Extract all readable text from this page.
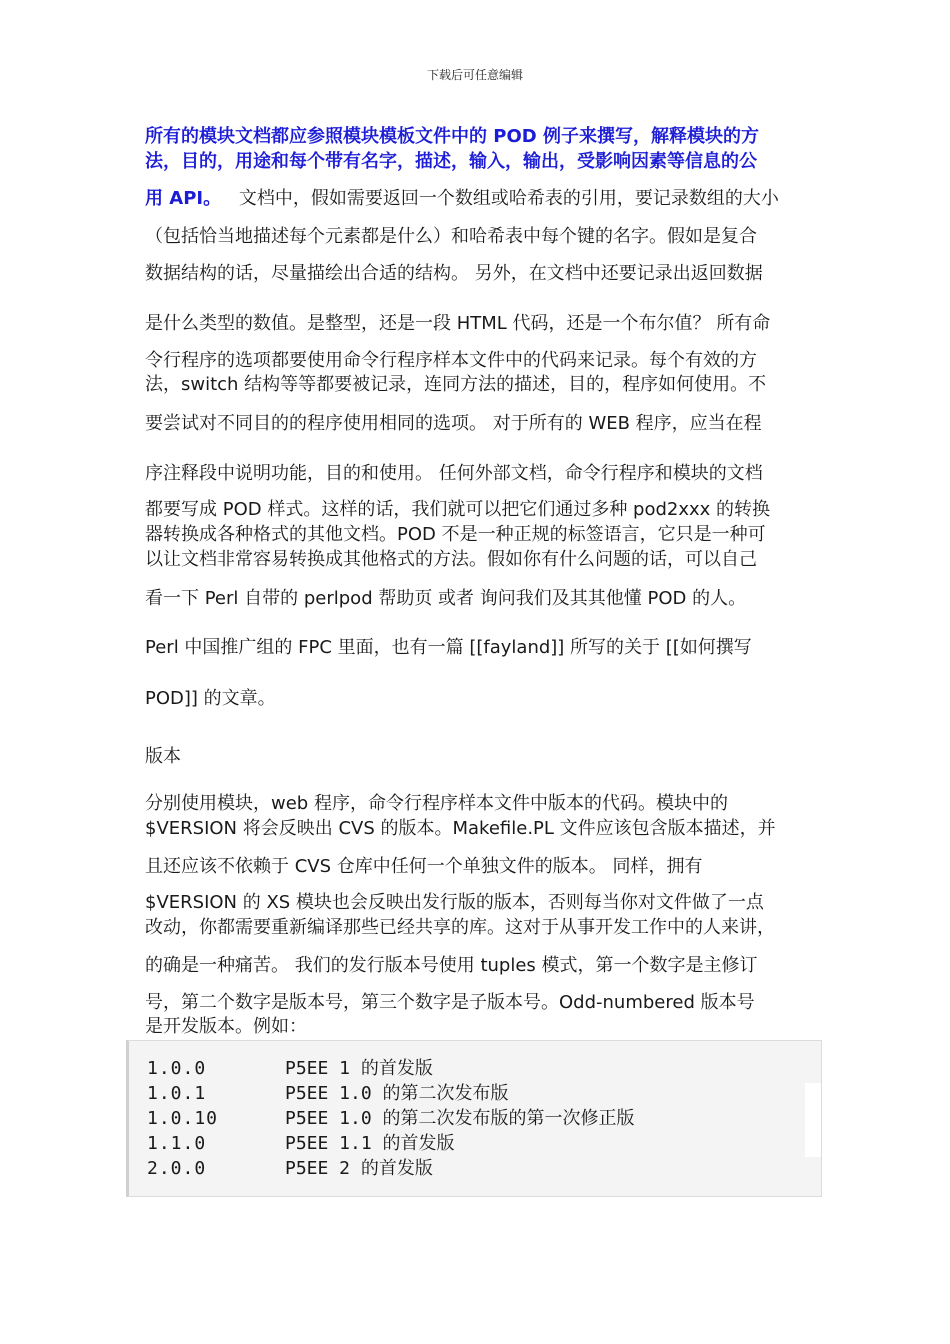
下载后可任意编辑
所有的模块文档都应参照模块模板文件中的 POD 例子来撰写，解释模块的方
法，目的，用途和每个带有名字，描述，输入，输出，受影响因素等信息的公
用 API。 文档中，假如需要返回一个数组或哈希表的引用，要记录数组的大小
（包括恰当地描述每个元素都是什么）和哈希表中每个键的名字。假如是复合
数据结构的话，尽量描绘出合适的结构。 另外，在文档中还要记录出返回数据
是什么类型的数值。是整型，还是一段 HTML 代码，还是一个布尔值？ 所有命
令行程序的选项都要使用命令行程序样本文件中的代码来记录。每个有效的方
法，switch 结构等等都要被记录，连同方法的描述，目的，程序如何使用。不
要尝试对不同目的的程序使用相同的选项。 对于所有的 WEB 程序，应当在程
序注释段中说明功能，目的和使用。 任何外部文档，命令行程序和模块的文档
都要写成 POD 样式。这样的话，我们就可以把它们通过多种 pod2xxx 的转换
器转换成各种格式的其他文档。POD 不是一种正规的标签语言，它只是一种可
以让文档非常容易转换成其他格式的方法。假如你有什么问题的话，可以自己
看一下 Perl 自带的 perlpod 帮助页 或者 询问我们及其其他懂 POD 的人。
Perl 中国推广组的 FPC 里面，也有一篇 [[fayland]] 所写的关于 [[如何撰写
POD]] 的文章。
版本
分别使用模块，web 程序，命令行程序样本文件中版本的代码。模块中的
$VERSION 将会反映出 CVS 的版本。Makefile.PL 文件应该包含版本描述，并
且还应该不依赖于 CVS 仓库中任何一个单独文件的版本。 同样，拥有
$VERSION 的 XS 模块也会反映出发行版的版本，否则每当你对文件做了一点
改动，你都需要重新编译那些已经共享的库。这对于从事开发工作中的人来讲，
的确是一种痛苦。 我们的发行版本号使用 tuples 模式，第一个数字是主修订
号，第二个数字是版本号，第三个数字是子版本号。Odd-numbered 版本号
是开发版本。例如：
1.0.0	P5EE 1 的首发版
1.0.1	P5EE 1.0 的第二次发布版
1.0.10	P5EE 1.0 的第二次发布版的第一次修正版
1.1.0	P5EE 1.1 的首发版
2.0.0	P5EE 2 的首发版
